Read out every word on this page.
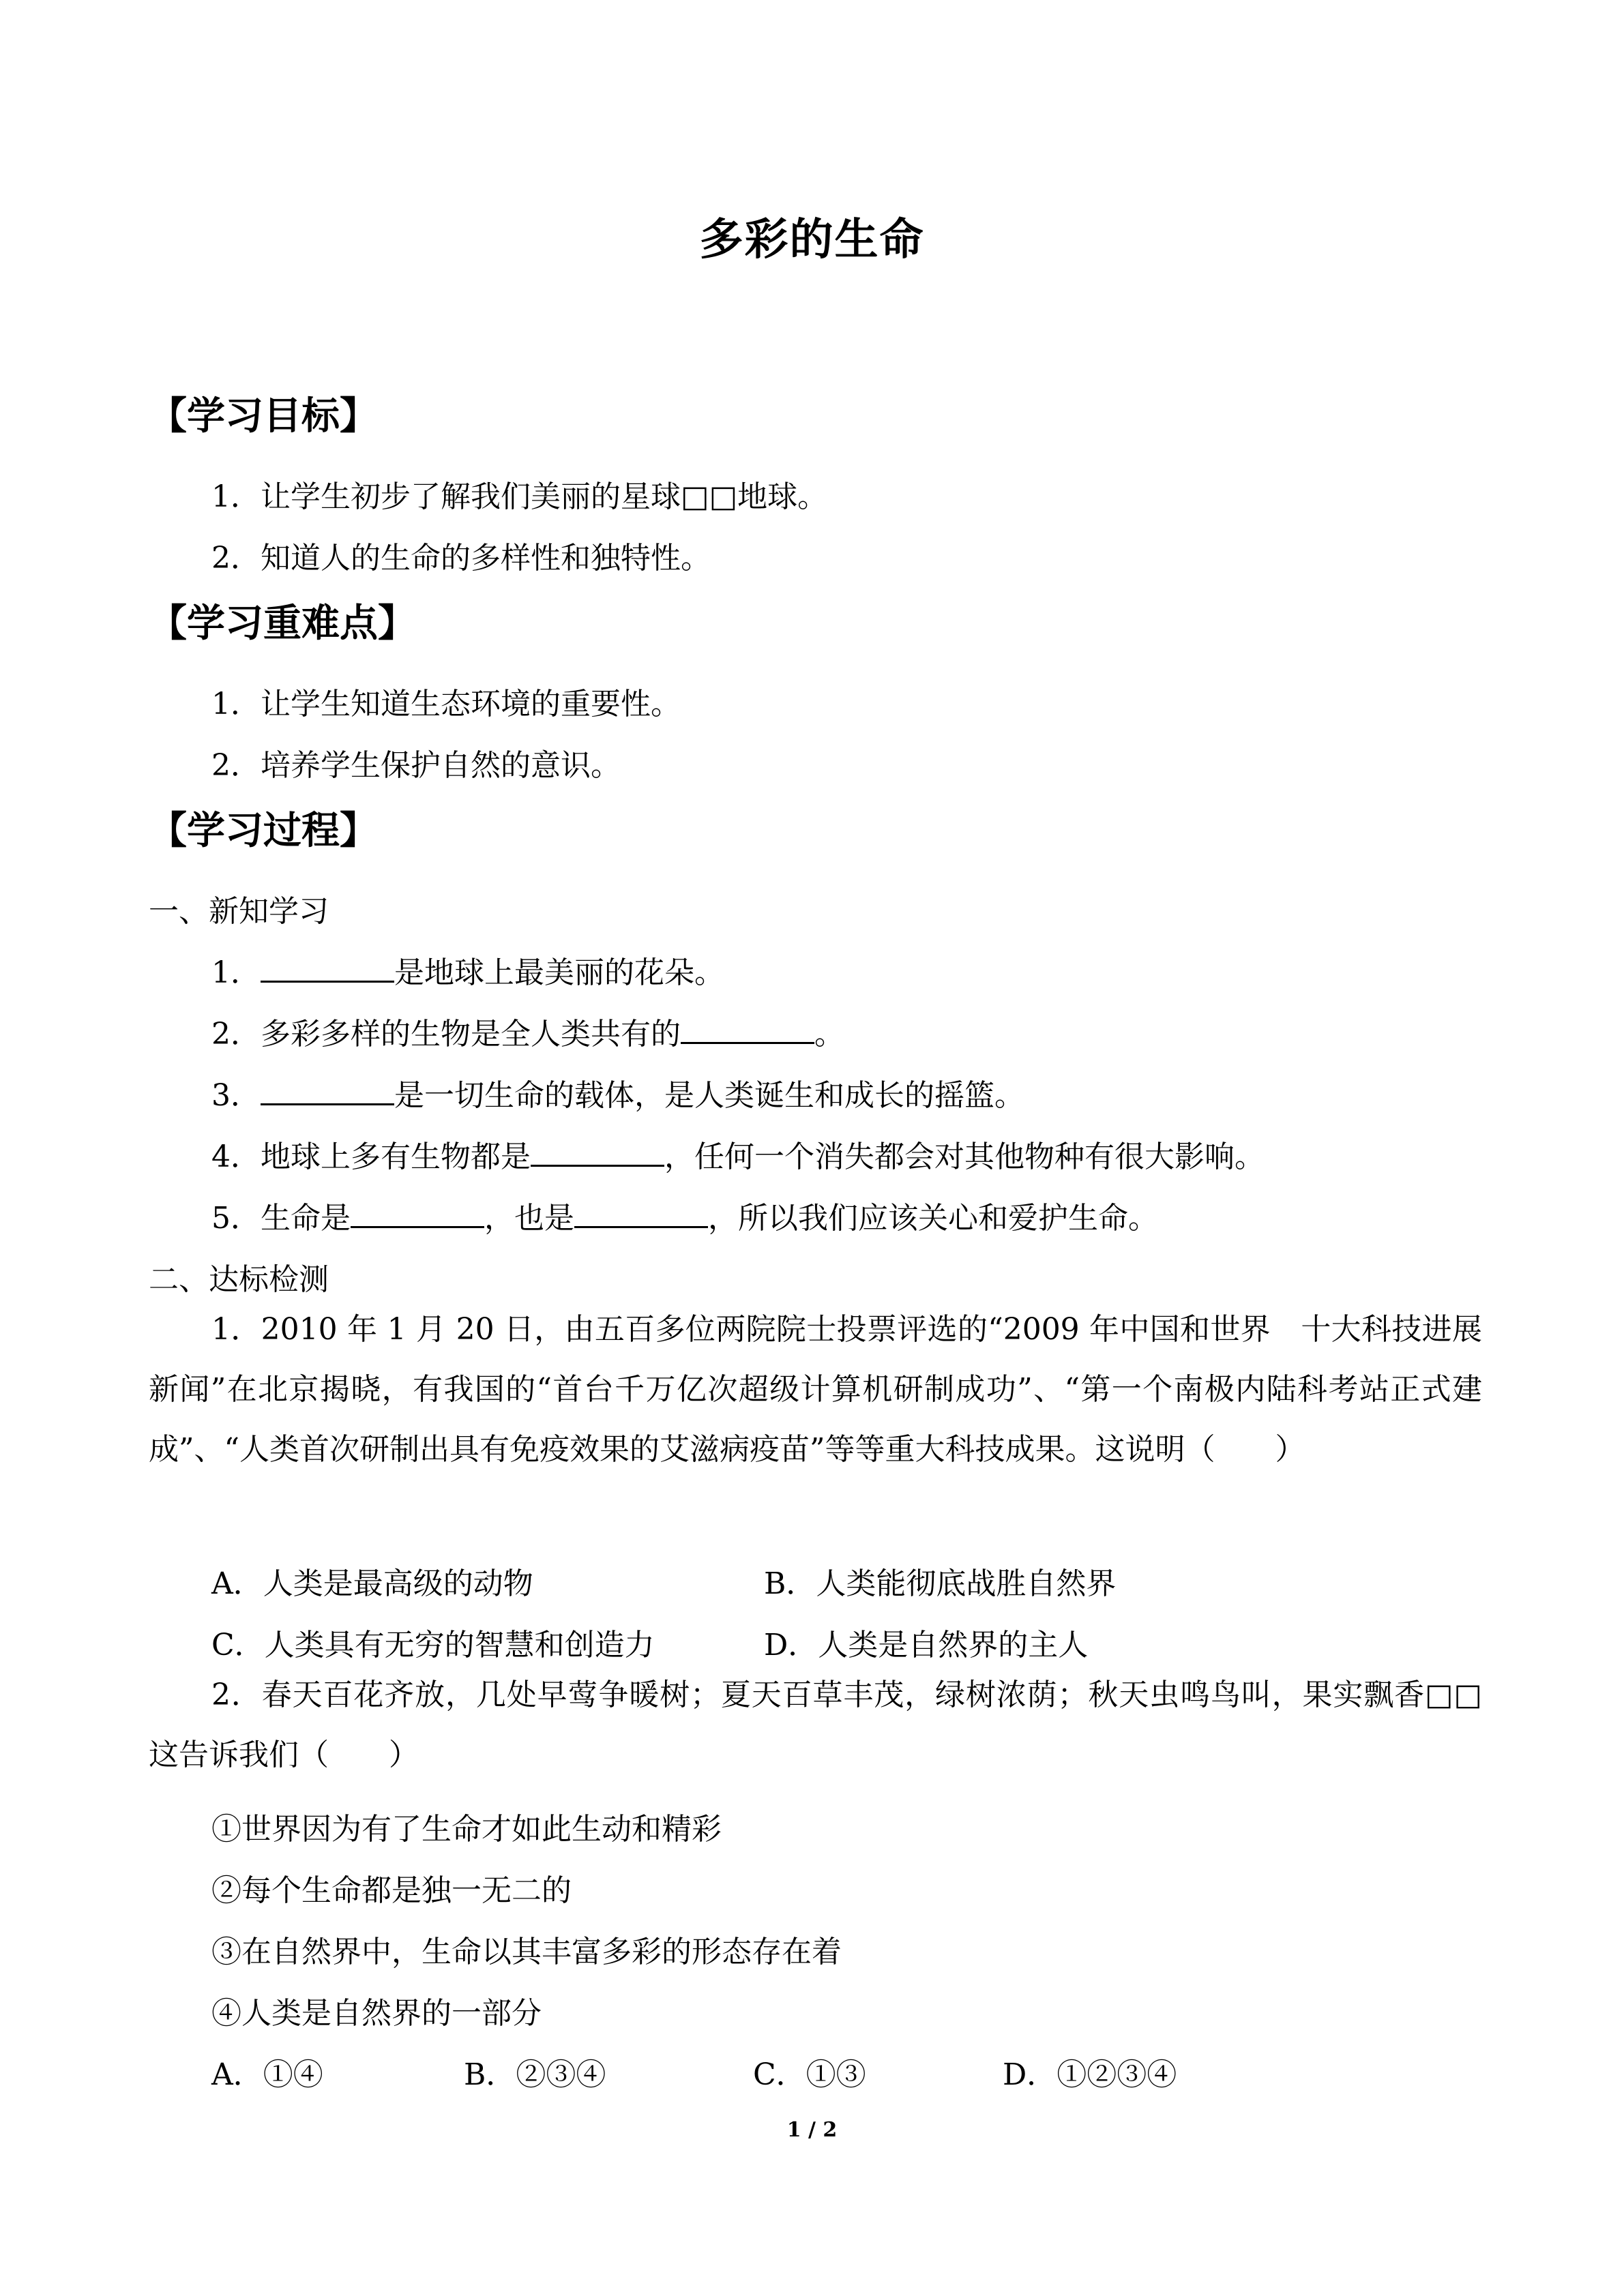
多彩的生命
【学习目标】
1．让学生初步了解我们美丽的星球□□地球。
2．知道人的生命的多样性和独特性。
【学习重难点】
1．让学生知道生态环境的重要性。
2．培养学生保护自然的意识。
【学习过程】
一、新知学习
1．	是地球上最美丽的花朵。
2．多彩多样的生物是全人类共有的	。
3．	是一切生命的载体，是人类诞生和成长的摇篮。
4．地球上多有生物都是	，任何一个消失都会对其他物种有很大影响。
5．生命是	，也是	，所以我们应该关心和爱护生命。
二、达标检测
1．2010 年 1 月 20 日，由五百多位两院院士投票评选的“2009 年中国和世界　十大科技进展新闻”在北京揭晓，有我国的“首台千万亿次超级计算机研制成功”、“第一个南极内陆科考站正式建成”、“人类首次研制出具有免疫效果的艾滋病疫苗”等等重大科技成果。这说明（　　）
A．人类是最高级的动物	B．人类能彻底战胜自然界
C．人类具有无穷的智慧和创造力	D．人类是自然界的主人
2．春天百花齐放，几处早莺争暖树；夏天百草丰茂，绿树浓荫；秋天虫鸣鸟叫，果实飘香□□这告诉我们（　　）
①世界因为有了生命才如此生动和精彩
②每个生命都是独一无二的
③在自然界中，生命以其丰富多彩的形态存在着
④人类是自然界的一部分
A．①④	B．②③④	C．①③	D．①②③④
1 / 2
